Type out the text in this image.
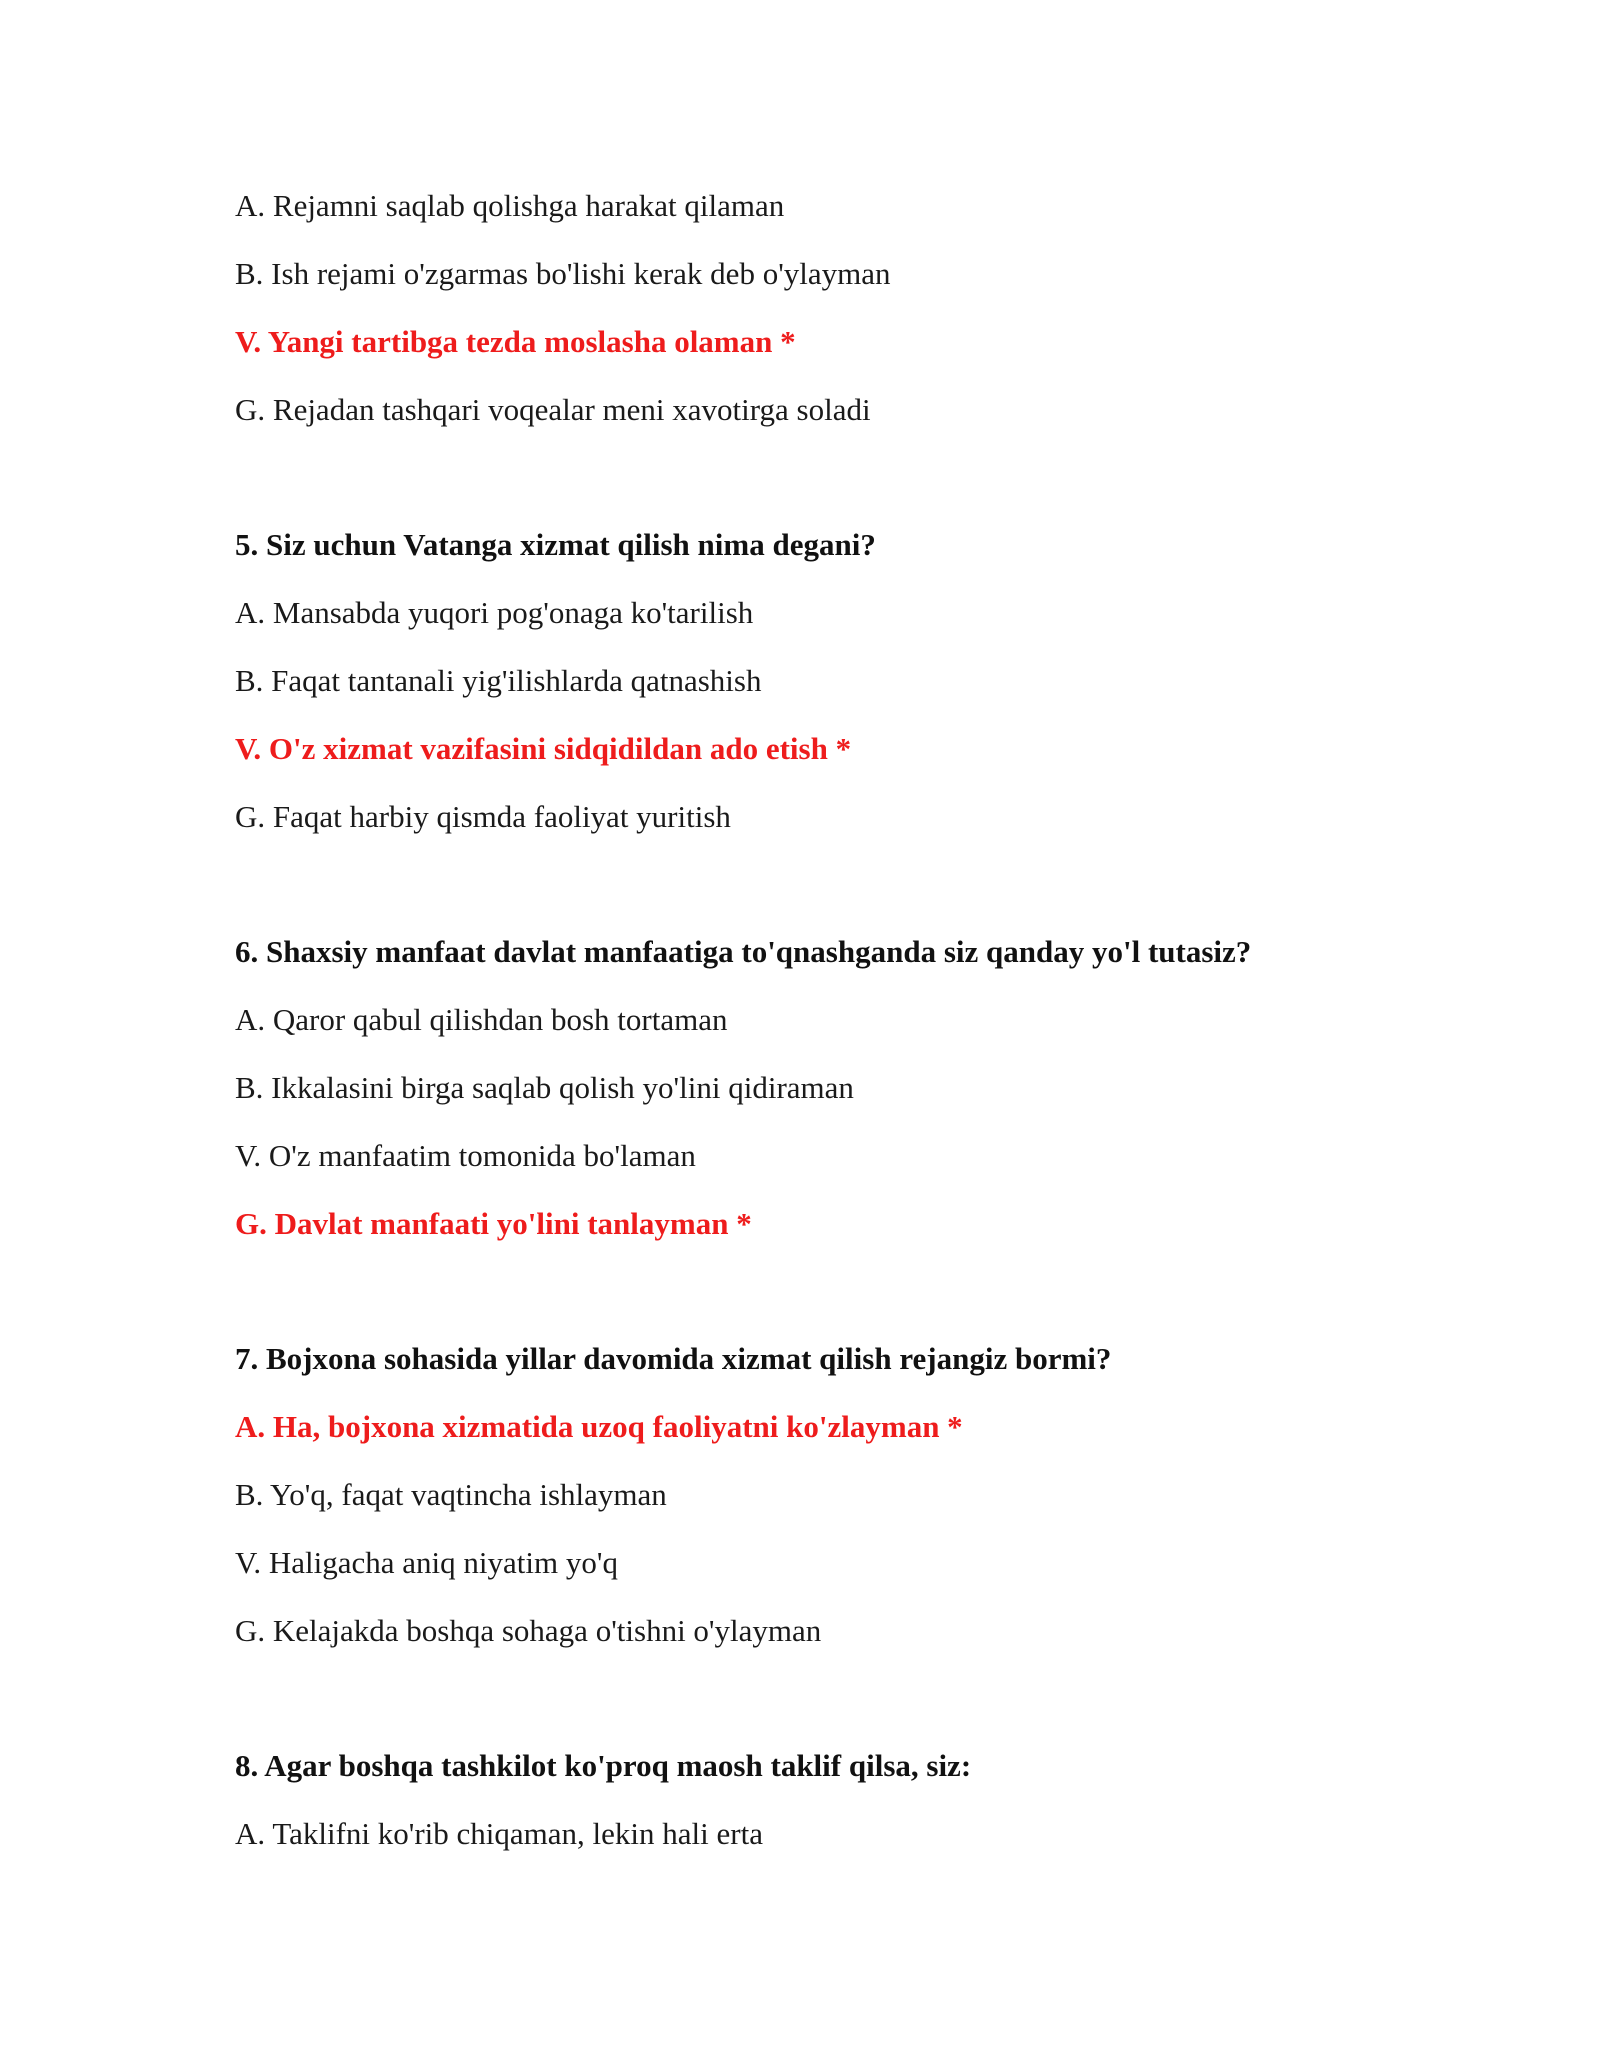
A. Rejamni saqlab qolishga harakat qilaman
B. Ish rejami o'zgarmas bo'lishi kerak deb o'ylayman
V. Yangi tartibga tezda moslasha olaman *
G. Rejadan tashqari voqealar meni xavotirga soladi
5. Siz uchun Vatanga xizmat qilish nima degani?
A. Mansabda yuqori pog'onaga ko'tarilish
B. Faqat tantanali yig'ilishlarda qatnashish
V. O'z xizmat vazifasini sidqidildan ado etish *
G. Faqat harbiy qismda faoliyat yuritish
6. Shaxsiy manfaat davlat manfaatiga to'qnashganda siz qanday yo'l tutasiz?
A. Qaror qabul qilishdan bosh tortaman
B. Ikkalasini birga saqlab qolish yo'lini qidiraman
V. O'z manfaatim tomonida bo'laman
G. Davlat manfaati yo'lini tanlayman *
7. Bojxona sohasida yillar davomida xizmat qilish rejangiz bormi?
A. Ha, bojxona xizmatida uzoq faoliyatni ko'zlayman *
B. Yo'q, faqat vaqtincha ishlayman
V. Haligacha aniq niyatim yo'q
G. Kelajakda boshqa sohaga o'tishni o'ylayman
8. Agar boshqa tashkilot ko'proq maosh taklif qilsa, siz:
A. Taklifni ko'rib chiqaman, lekin hali erta
